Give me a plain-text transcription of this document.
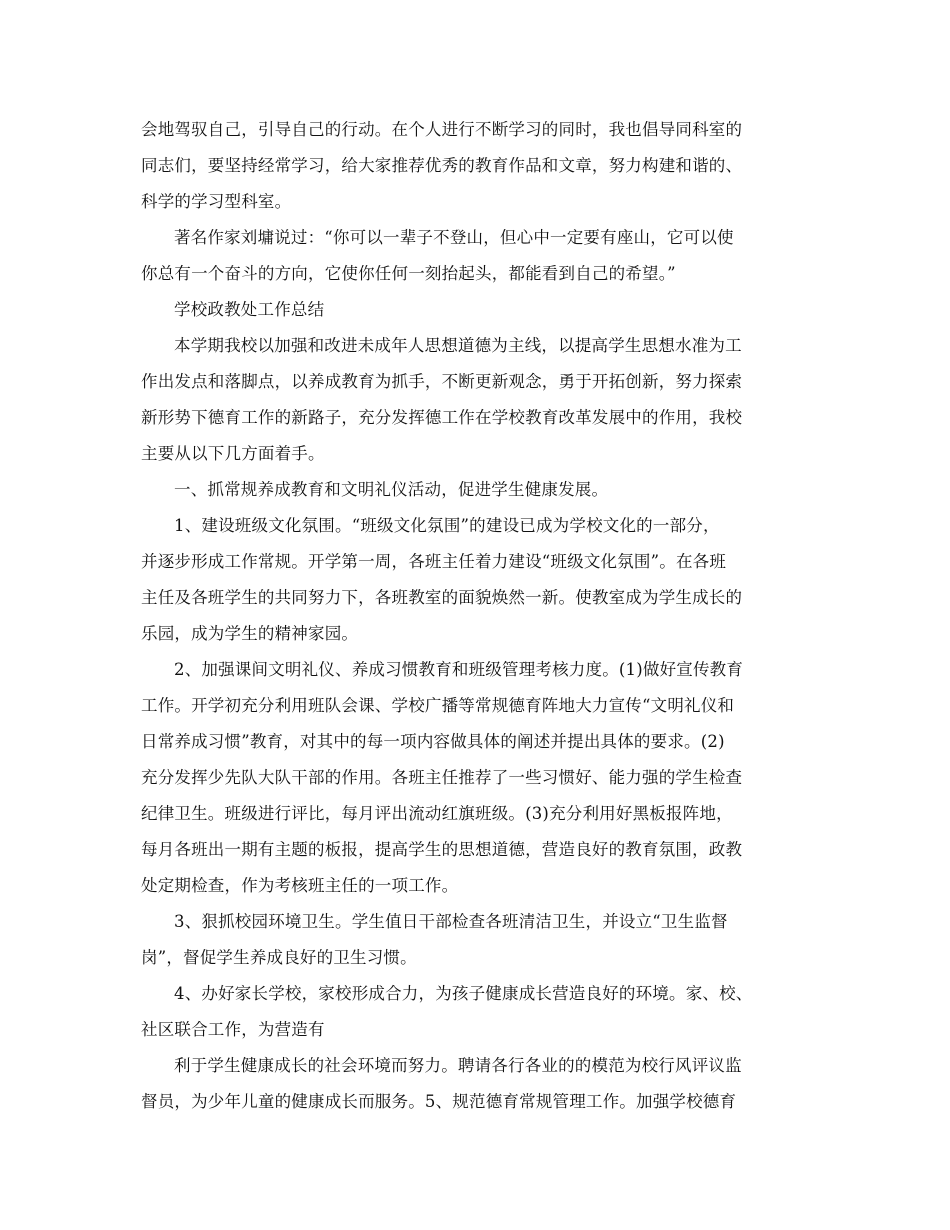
会地驾驭自己，引导自己的行动。在个人进行不断学习的同时，我也倡导同科室的
同志们，要坚持经常学习，给大家推荐优秀的教育作品和文章，努力构建和谐的、
科学的学习型科室。
著名作家刘墉说过：“你可以一辈子不登山，但心中一定要有座山，它可以使
你总有一个奋斗的方向，它使你任何一刻抬起头，都能看到自己的希望。”
学校政教处工作总结
本学期我校以加强和改进未成年人思想道德为主线，以提高学生思想水准为工
作出发点和落脚点，以养成教育为抓手，不断更新观念，勇于开拓创新，努力探索
新形势下德育工作的新路子，充分发挥德工作在学校教育改革发展中的作用，我校
主要从以下几方面着手。
一、抓常规养成教育和文明礼仪活动，促进学生健康发展。
1、建设班级文化氛围。“班级文化氛围”的建设已成为学校文化的一部分，
并逐步形成工作常规。开学第一周，各班主任着力建设“班级文化氛围”。在各班
主任及各班学生的共同努力下，各班教室的面貌焕然一新。使教室成为学生成长的
乐园，成为学生的精神家园。
2、加强课间文明礼仪、养成习惯教育和班级管理考核力度。(1)做好宣传教育
工作。开学初充分利用班队会课、学校广播等常规德育阵地大力宣传“文明礼仪和
日常养成习惯”教育，对其中的每一项内容做具体的阐述并提出具体的要求。(2)
充分发挥少先队大队干部的作用。各班主任推荐了一些习惯好、能力强的学生检查
纪律卫生。班级进行评比，每月评出流动红旗班级。(3)充分利用好黑板报阵地，
每月各班出一期有主题的板报，提高学生的思想道德，营造良好的教育氛围，政教
处定期检查，作为考核班主任的一项工作。
3、狠抓校园环境卫生。学生值日干部检查各班清洁卫生，并设立“卫生监督
岗”，督促学生养成良好的卫生习惯。
4、办好家长学校，家校形成合力，为孩子健康成长营造良好的环境。家、校、
社区联合工作，为营造有
利于学生健康成长的社会环境而努力。聘请各行各业的的模范为校行风评议监
督员，为少年儿童的健康成长而服务。5、规范德育常规管理工作。加强学校德育
